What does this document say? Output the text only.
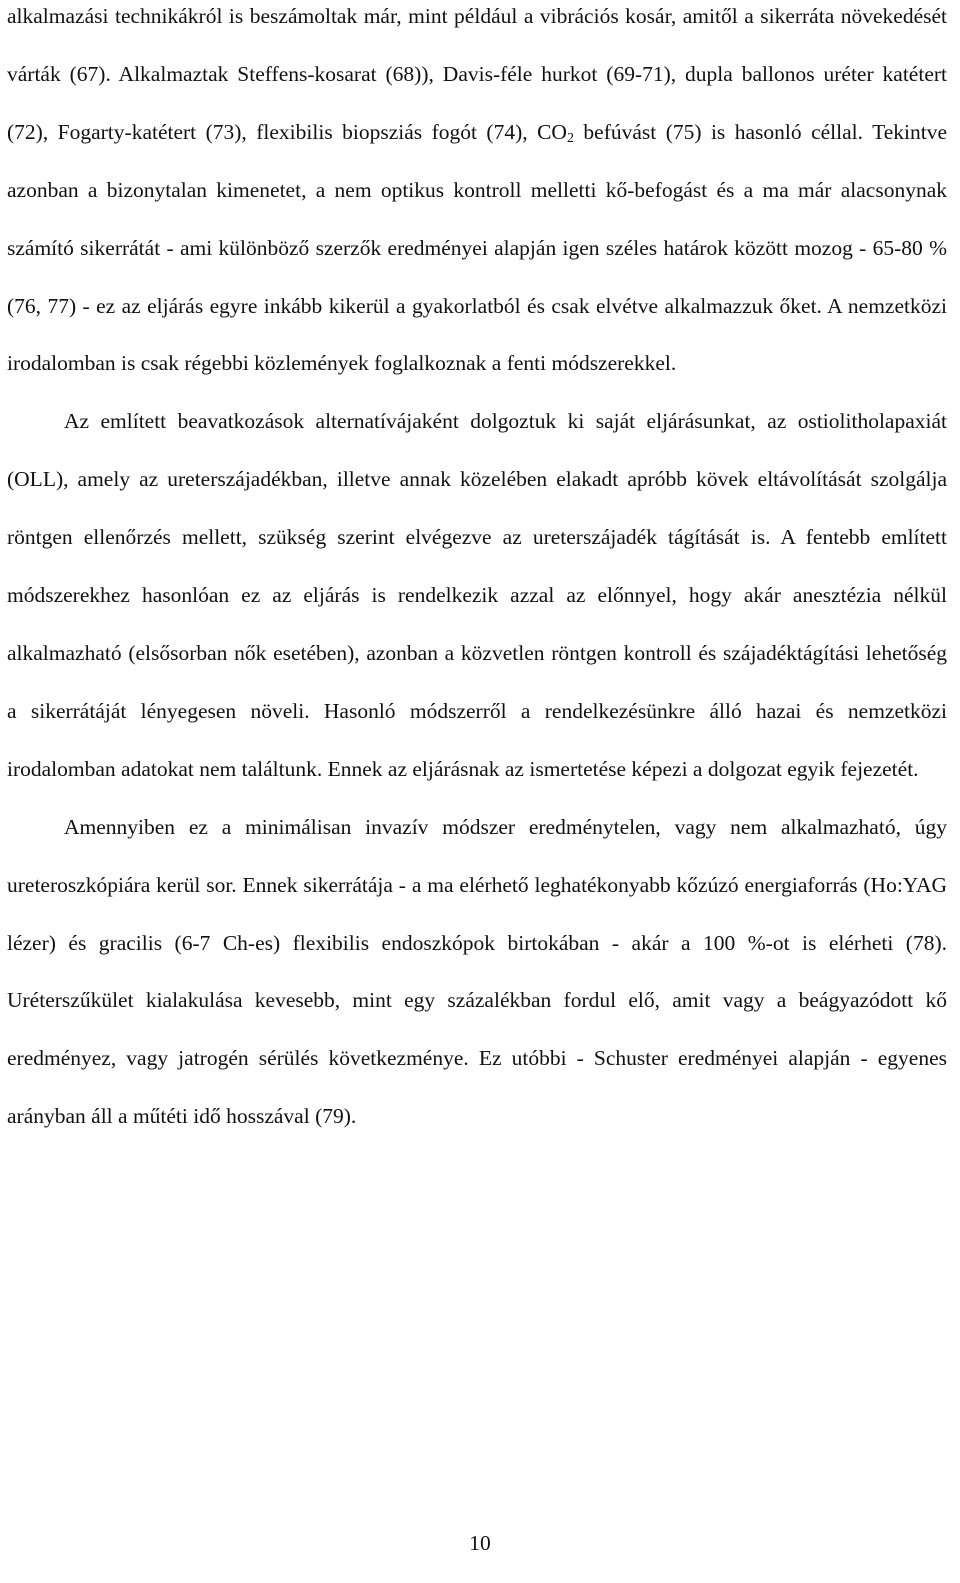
alkalmazási technikákról is beszámoltak már, mint például a vibrációs kosár, amitől a sikerráta növekedését várták (67). Alkalmaztak Steffens-kosarat (68)), Davis-féle hurkot (69-71), dupla ballonos uréter katétert (72), Fogarty-katétert (73), flexibilis biopsziás fogót (74), $CO_2$ befúvást (75) is hasonló céllal. Tekintve azonban a bizonytalan kimenetet, a nem optikus kontroll melletti kő-befogást és a ma már alacsonynak számító sikerrátát - ami különböző szerzők eredményei alapján igen széles határok között mozog - 65-80 % (76, 77) - ez az eljárás egyre inkább kikerül a gyakorlatból és csak elvétve alkalmazzuk őket. A nemzetközi irodalomban is csak régebbi közlemények foglalkoznak a fenti módszerekkel.

Az említett beavatkozások alternatívájaként dolgoztuk ki saját eljárásunkat, az ostiolitholapaxiát (OLL), amely az ureterszájadékban, illetve annak közelében elakadt apróbb kövek eltávolítását szolgálja röntgen ellenőrzés mellett, szükség szerint elvégezve az ureterszájadék tágítását is. A fentebb említett módszerekhez hasonlóan ez az eljárás is rendelkezik azzal az előnnyel, hogy akár anesztézia nélkül alkalmazható (elsősorban nők esetében), azonban a közvetlen röntgen kontroll és szájadéktágítási lehetőség a sikerrátáját lényegesen növeli. Hasonló módszerről a rendelkezésünkre álló hazai és nemzetközi irodalomban adatokat nem találtunk. Ennek az eljárásnak az ismertetése képezi a dolgozat egyik fejezetét.

Amennyiben ez a minimálisan invazív módszer eredménytelen, vagy nem alkalmazható, úgy ureteroszkópiára kerül sor. Ennek sikerrátája - a ma elérhető leghatékonyabb kőzúzó energiaforrás (Ho:YAG lézer) és gracilis (6-7 Ch-es) flexibilis endoszkópok birtokában - akár a 100 %-ot is elérheti (78). Uréterszűkület kialakulása kevesebb, mint egy százalékban fordul elő, amit vagy a beágyazódott kő eredményez, vagy jatrogén sérülés következménye. Ez utóbbi - Schuster eredményei alapján - egyenes arányban áll a műtéti idő hosszával (79).

10
